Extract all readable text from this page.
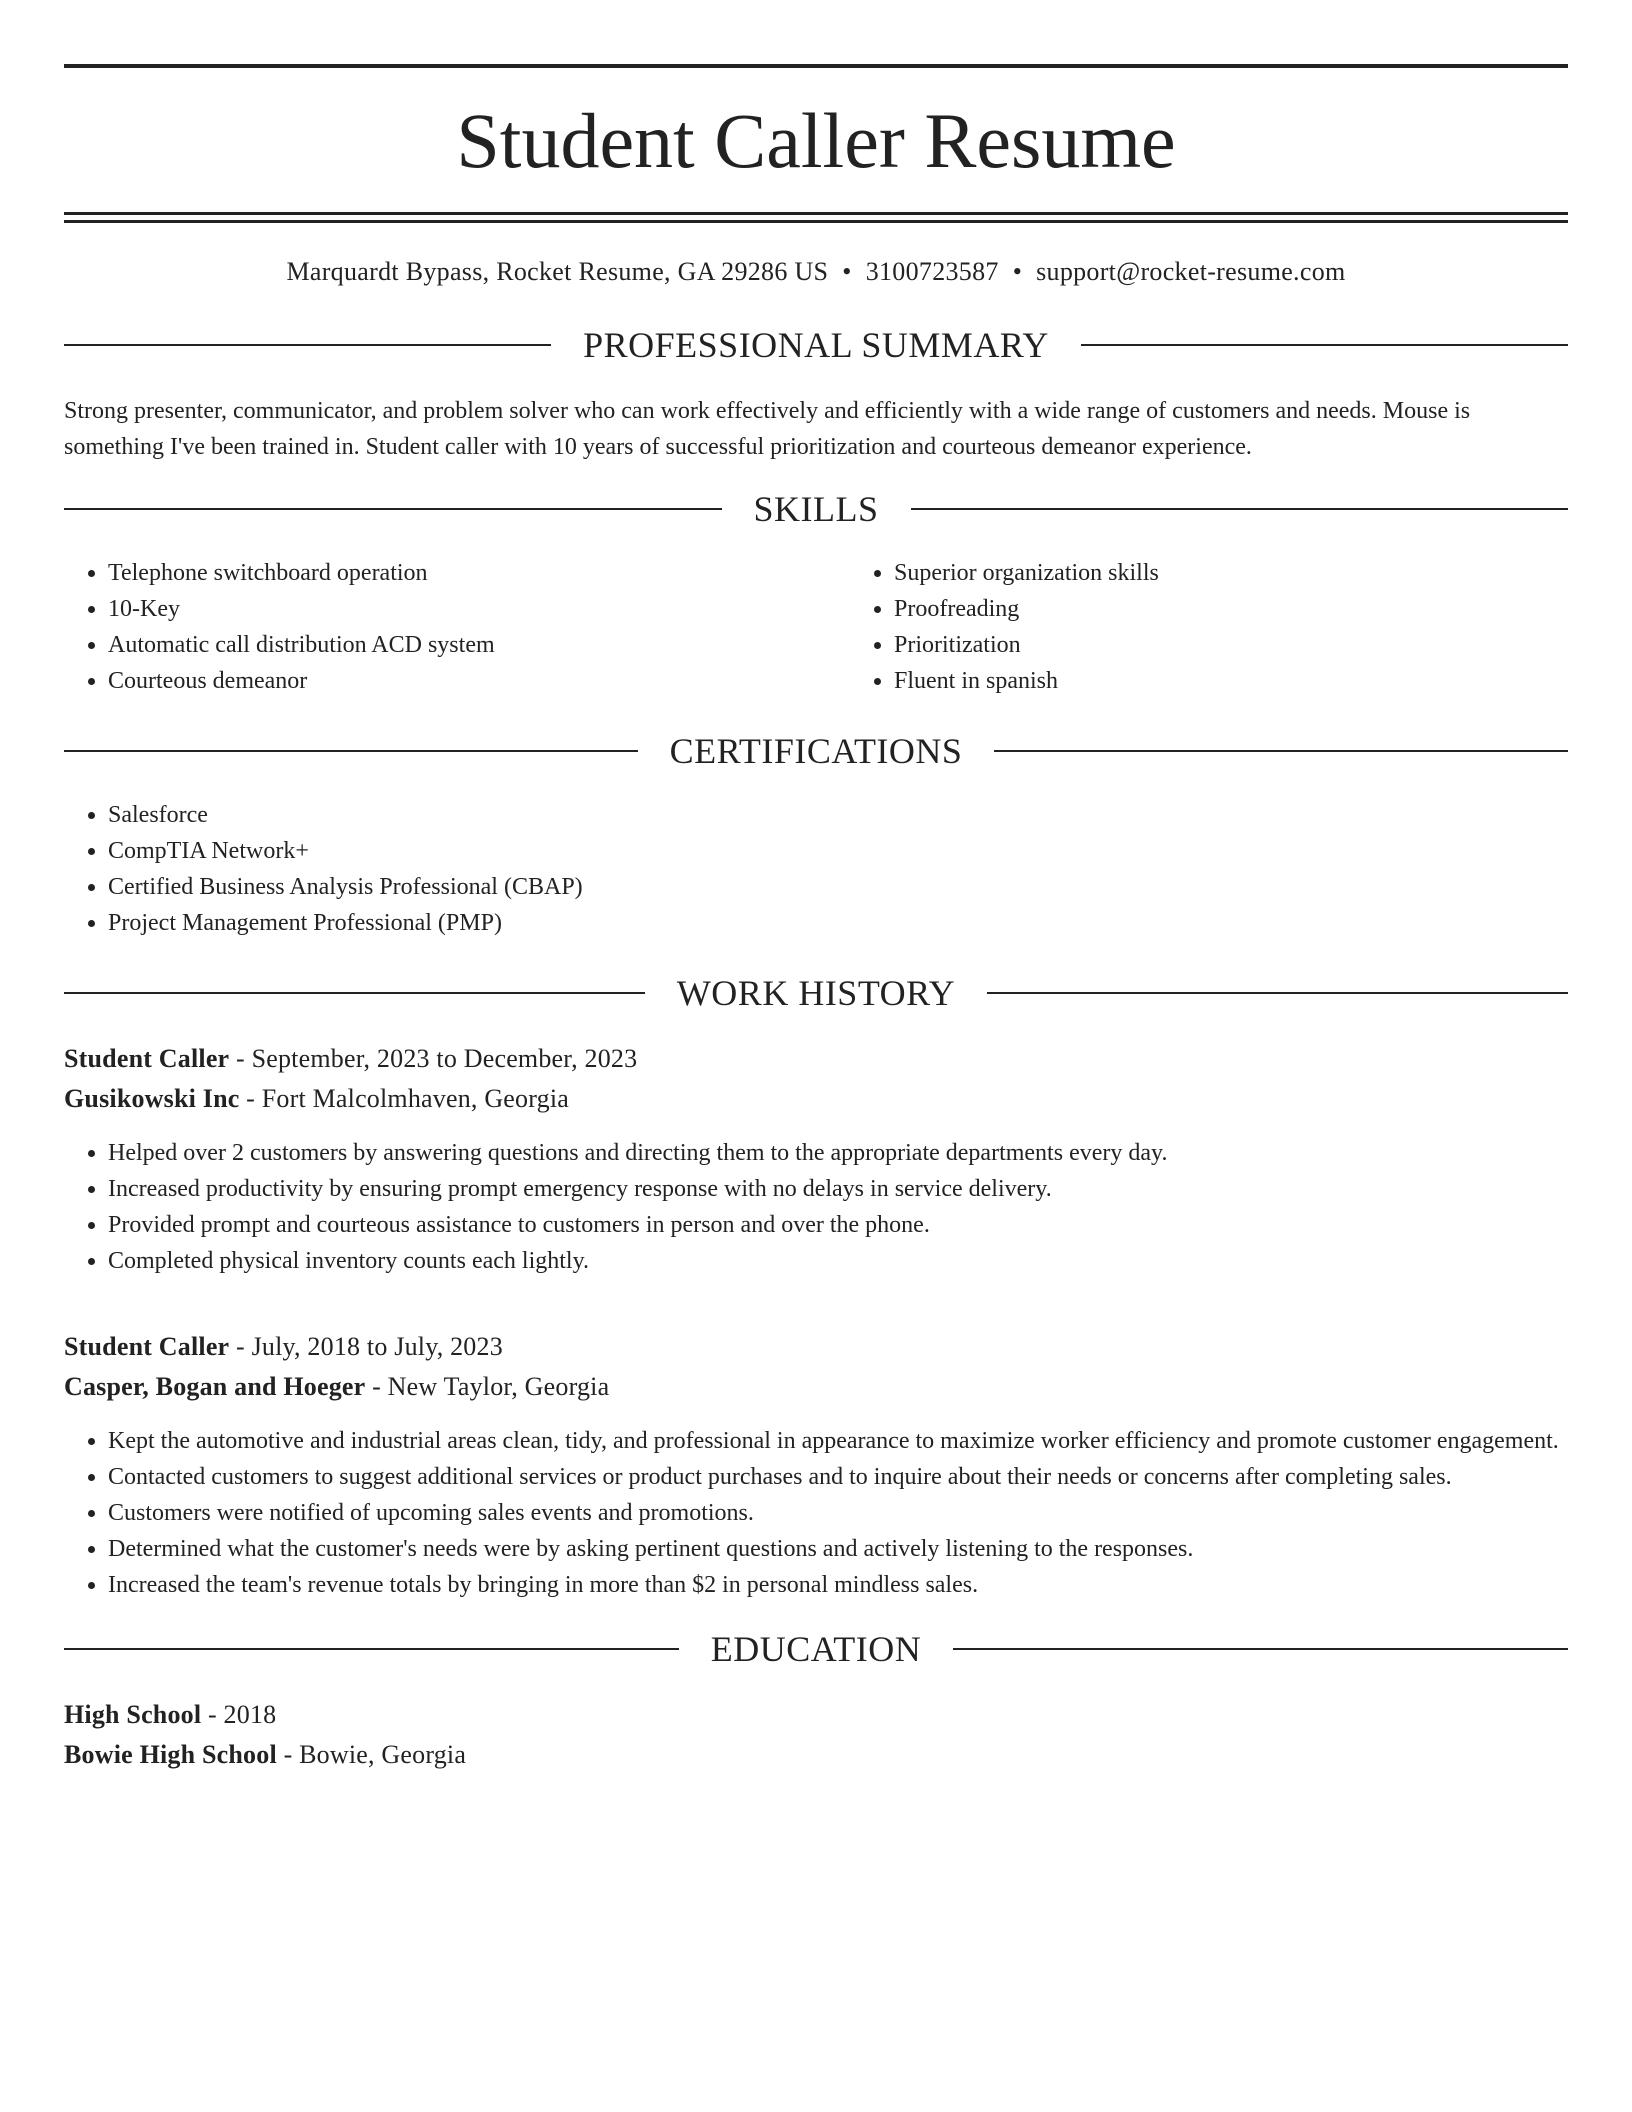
Student Caller Resume
Marquardt Bypass, Rocket Resume, GA 29286 US • 3100723587 • support@rocket-resume.com
PROFESSIONAL SUMMARY
Strong presenter, communicator, and problem solver who can work effectively and efficiently with a wide range of customers and needs. Mouse is something I've been trained in. Student caller with 10 years of successful prioritization and courteous demeanor experience.
SKILLS
• Telephone switchboard operation
• 10-Key
• Automatic call distribution ACD system
• Courteous demeanor
• Superior organization skills
• Proofreading
• Prioritization
• Fluent in spanish
CERTIFICATIONS
• Salesforce
• CompTIA Network+
• Certified Business Analysis Professional (CBAP)
• Project Management Professional (PMP)
WORK HISTORY
Student Caller - September, 2023 to December, 2023
Gusikowski Inc - Fort Malcolmhaven, Georgia
• Helped over 2 customers by answering questions and directing them to the appropriate departments every day.
• Increased productivity by ensuring prompt emergency response with no delays in service delivery.
• Provided prompt and courteous assistance to customers in person and over the phone.
• Completed physical inventory counts each lightly.
Student Caller - July, 2018 to July, 2023
Casper, Bogan and Hoeger - New Taylor, Georgia
• Kept the automotive and industrial areas clean, tidy, and professional in appearance to maximize worker efficiency and promote customer engagement.
• Contacted customers to suggest additional services or product purchases and to inquire about their needs or concerns after completing sales.
• Customers were notified of upcoming sales events and promotions.
• Determined what the customer's needs were by asking pertinent questions and actively listening to the responses.
• Increased the team's revenue totals by bringing in more than $2 in personal mindless sales.
EDUCATION
High School - 2018
Bowie High School - Bowie, Georgia
